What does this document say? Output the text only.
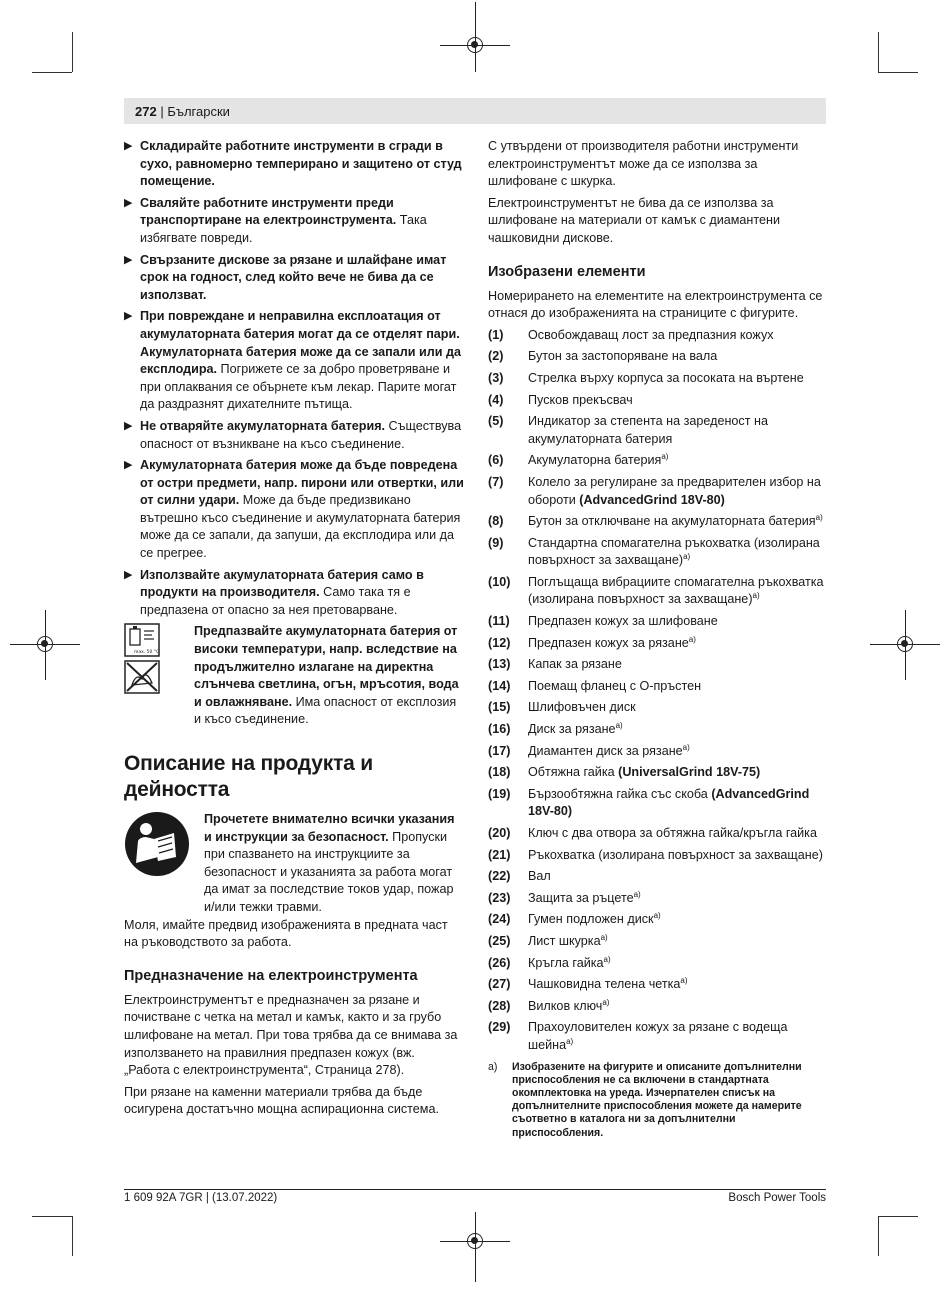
272 | Български
▶ Складирайте работните инструменти в сгради в сухо, равномерно темперирано и защитено от студ помещение.
▶ Сваляйте работните инструменти преди транспортиране на електроинструмента. Така избягвате повреди.
▶ Свързаните дискове за рязане и шлайфане имат срок на годност, след който вече не бива да се използват.
▶ При повреждане и неправилна експлоатация от акумулаторната батерия могат да се отделят пари. Акумулаторната батерия може да се запали или да експлодира. Погрижете се за добро проветряване и при оплаквания се обърнете към лекар. Парите могат да раздразнят дихателните пътища.
▶ Не отваряйте акумулаторната батерия. Съществува опасност от възникване на късо съединение.
▶ Акумулаторната батерия може да бъде повредена от остри предмети, напр. пирони или отвертки, или от силни удари. Може да бъде предизвикано вътрешно късо съединение и акумулаторната батерия може да се запали, да запуши, да експлодира или да се прегрее.
▶ Използвайте акумулаторната батерия само в продукти на производителя. Само така тя е предпазена от опасно за нея претоварване.
max. 50 °C
Предпазвайте акумулаторната батерия от високи температури, напр. вследствие на продължително излагане на директна слънчева светлина, огън, мръсотия, вода и овлажняване. Има опасност от експлозия и късо съединение.
Описание на продукта и дейността
Прочетете внимателно всички указания и инструкции за безопасност. Пропуски при спазването на инструкциите за безопасност и указанията за работа могат да имат за последствие токов удар, пожар и/или тежки травми.

Моля, имайте предвид изображенията в предната част на ръководството за работа.

Предназначение на електроинструмента

Електроинструментът е предназначен за рязане и почистване с четка на метал и камък, както и за грубо шлифоване на метал. При това трябва да се внимава за използването на правилния предпазен кожух (вж. „Работа с електроинструмента“, Страница 278).

При рязане на каменни материали трябва да бъде осигурена достатъчно мощна аспирационна система.

С утвърдени от производителя работни инструменти електроинструментът може да се използва за шлифоване с шкурка.

Електроинструментът не бива да се използва за шлифоване на материали от камък с диамантени чашковидни дискове.

Изобразени елементи

Номерирането на елементите на електроинструмента се отнася до изображенията на страниците с фигурите.

(1)	Освобождаващ лост за предпазния кожух
(2)	Бутон за застопоряване на вала
(3)	Стрелка върху корпуса за посоката на въртене
(4)	Пусков прекъсвач
(5)	Индикатор за степента на зареденост на акумулаторната батерия
(6)	Акумулаторна батерия$^{a)}$
(7)	Колело за регулиране за предварителен избор на обороти (AdvancedGrind 18V-80)
(8)	Бутон за отключване на акумулаторната батерия$^{a)}$
(9)	Стандартна спомагателна ръкохватка (изолирана повърхност за захващане)$^{a)}$
(10)	Поглъщаща вибрациите спомагателна ръкохватка (изолирана повърхност за захващане)$^{a)}$
(11)	Предпазен кожух за шлифоване
(12)	Предпазен кожух за рязане$^{a)}$
(13)	Капак за рязане
(14)	Поемащ фланец с O-пръстен
(15)	Шлифовъчен диск
(16)	Диск за рязане$^{a)}$
(17)	Диамантен диск за рязане$^{a)}$
(18)	Обтяжна гайка (UniversalGrind 18V-75)
(19)	Бързообтяжна гайка със скоба (AdvancedGrind 18V-80)
(20)	Ключ с два отвора за обтяжна гайка/кръгла гайка
(21)	Ръкохватка (изолирана повърхност за захващане)
(22)	Вал
(23)	Защита за ръцете$^{a)}$
(24)	Гумен подложен диск$^{a)}$
(25)	Лист шкурка$^{a)}$
(26)	Кръгла гайка$^{a)}$
(27)	Чашковидна телена четка$^{a)}$
(28)	Вилков ключ$^{a)}$
(29)	Прахоуловителен кожух за рязане с водеща шейна$^{a)}$
a)	Изобразените на фигурите и описаните допълнителни приспособления не са включени в стандартната окомплектовка на уреда. Изчерпателен списък на допълнителните приспособления можете да намерите съответно в каталога ни за допълнителни приспособления.
1 609 92A 7GR | (13.07.2022)	Bosch Power Tools
